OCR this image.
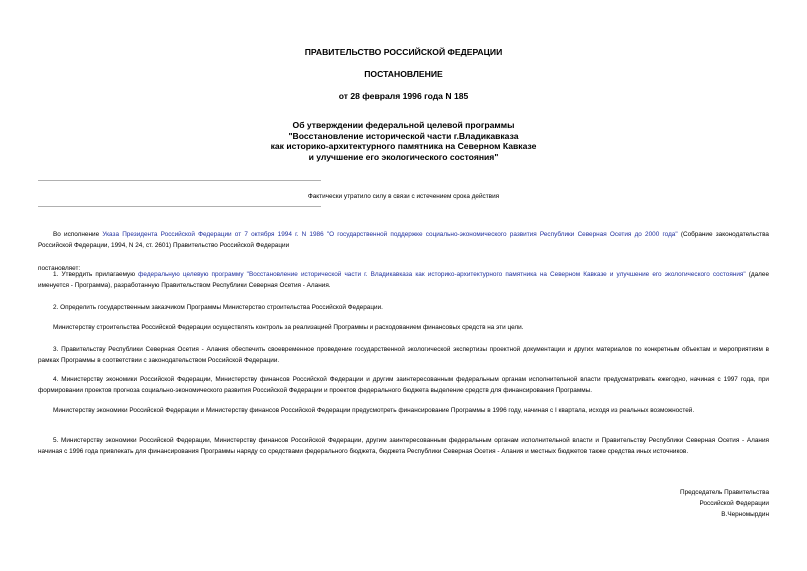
ПРАВИТЕЛЬСТВО РОССИЙСКОЙ ФЕДЕРАЦИИ
ПОСТАНОВЛЕНИЕ
от 28 февраля 1996 года N 185
Об утверждении федеральной целевой программы
"Восстановление исторической части г.Владикавказа
как историко-архитектурного памятника на Северном Кавказе
и улучшение его экологического состояния"
Фактически утратило силу в связи с истечением срока действия
Во исполнение Указа Президента Российской Федерации от 7 октября 1994 г. N 1986 "О государственной поддержке социально-экономического развития Республики Северная Осетия до 2000 года" (Собрание законодательства Российской Федерации, 1994, N 24, ст. 2601) Правительство Российской Федерации
постановляет:
1. Утвердить прилагаемую федеральную целевую программу "Восстановление исторической части г. Владикавказа как историко-архитектурного памятника на Северном Кавказе и улучшение его экологического состояния" (далее именуется - Программа), разработанную Правительством Республики Северная Осетия - Алания.
2. Определить государственным заказчиком Программы Министерство строительства Российской Федерации.
Министерству строительства Российской Федерации осуществлять контроль за реализацией Программы и расходованием финансовых средств на эти цели.
3. Правительству Республики Северная Осетия - Алания обеспечить своевременное проведение государственной экологической экспертизы проектной документации и других материалов по конкретным объектам и мероприятиям в рамках Программы в соответствии с законодательством Российской Федерации.
4. Министерству экономики Российской Федерации, Министерству финансов Российской Федерации и другим заинтересованным федеральным органам исполнительной власти предусматривать ежегодно, начиная с 1997 года, при формировании проектов прогноза социально-экономического развития Российской Федерации и проектов федерального бюджета выделение средств для финансирования Программы.
Министерству экономики Российской Федерации и Министерству финансов Российской Федерации предусмотреть финансирование Программы в 1996 году, начиная с I квартала, исходя из реальных возможностей.
5. Министерству экономики Российской Федерации, Министерству финансов Российской Федерации, другим заинтересованным федеральным органам исполнительной власти и Правительству Республики Северная Осетия - Алания начиная с 1996 года привлекать для финансирования Программы наряду со средствами федерального бюджета, бюджета Республики Северная Осетия - Алания и местных бюджетов также средства иных источников.
Председатель Правительства
Российской Федерации
В.Черномырдин
